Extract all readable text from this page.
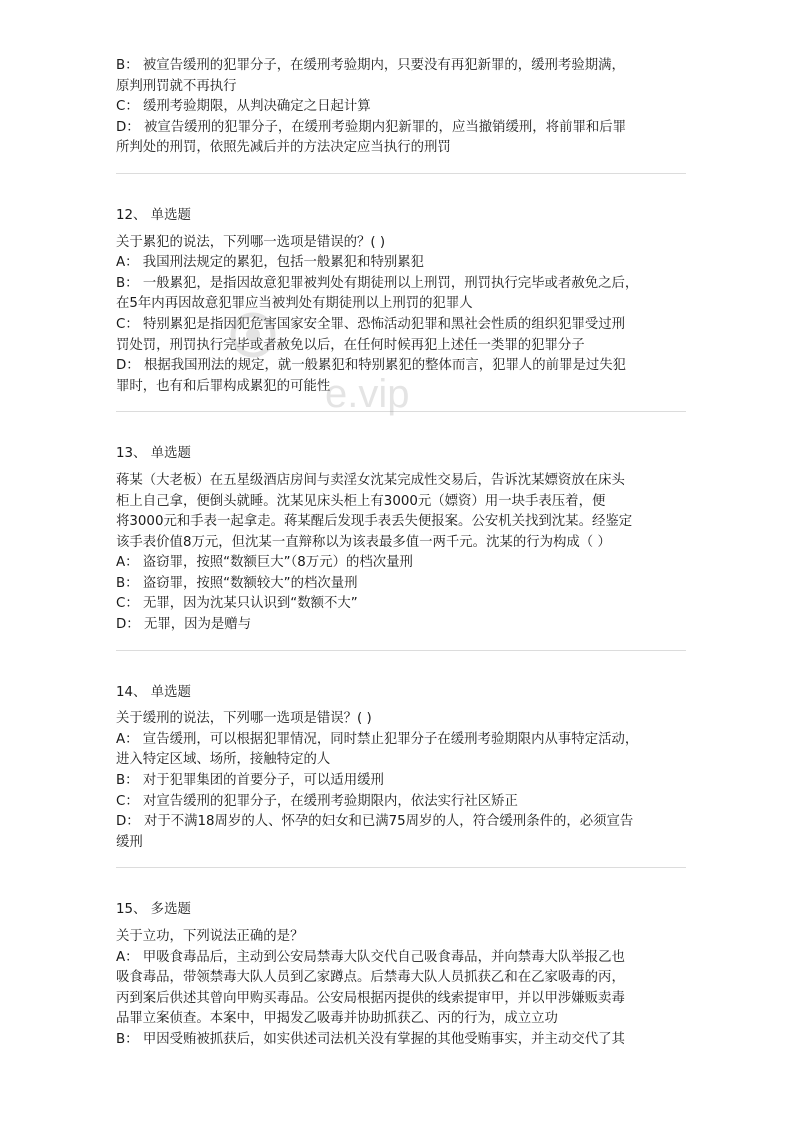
B： 被宣告缓刑的犯罪分子，在缓刑考验期内，只要没有再犯新罪的，缓刑考验期满，
原判刑罚就不再执行
C： 缓刑考验期限，从判决确定之日起计算
D： 被宣告缓刑的犯罪分子，在缓刑考验期内犯新罪的，应当撤销缓刑，将前罪和后罪
所判处的刑罚，依照先减后并的方法决定应当执行的刑罚
12、 单选题
关于累犯的说法，下列哪一选项是错误的？( )
A： 我国刑法规定的累犯，包括一般累犯和特别累犯
B： 一般累犯，是指因故意犯罪被判处有期徒刑以上刑罚，刑罚执行完毕或者赦免之后，
在5年内再因故意犯罪应当被判处有期徒刑以上刑罚的犯罪人
C： 特别累犯是指因犯危害国家安全罪、恐怖活动犯罪和黑社会性质的组织犯罪受过刑
罚处罚，刑罚执行完毕或者赦免以后，在任何时候再犯上述任一类罪的犯罪分子
D： 根据我国刑法的规定，就一般累犯和特别累犯的整体而言，犯罪人的前罪是过失犯
罪时，也有和后罪构成累犯的可能性
13、 单选题
蒋某（大老板）在五星级酒店房间与卖淫女沈某完成性交易后，告诉沈某嫖资放在床头
柜上自己拿，便倒头就睡。沈某见床头柜上有3000元（嫖资）用一块手表压着，便
将3000元和手表一起拿走。蒋某醒后发现手表丢失便报案。公安机关找到沈某。经鉴定
该手表价值8万元，但沈某一直辩称以为该表最多值一两千元。沈某的行为构成（ ）
A： 盗窃罪，按照“数额巨大”（8万元）的档次量刑
B： 盗窃罪，按照“数额较大”的档次量刑
C： 无罪，因为沈某只认识到“数额不大”
D： 无罪，因为是赠与
14、 单选题
关于缓刑的说法，下列哪一选项是错误？( )
A： 宣告缓刑，可以根据犯罪情况，同时禁止犯罪分子在缓刑考验期限内从事特定活动，
进入特定区域、场所，接触特定的人
B： 对于犯罪集团的首要分子，可以适用缓刑
C： 对宣告缓刑的犯罪分子，在缓刑考验期限内，依法实行社区矫正
D： 对于不满18周岁的人、怀孕的妇女和已满75周岁的人，符合缓刑条件的，必须宣告
缓刑
15、 多选题
关于立功，下列说法正确的是？
A： 甲吸食毒品后，主动到公安局禁毒大队交代自己吸食毒品，并向禁毒大队举报乙也
吸食毒品，带领禁毒大队人员到乙家蹲点。后禁毒大队人员抓获乙和在乙家吸毒的丙，
丙到案后供述其曾向甲购买毒品。公安局根据丙提供的线索提审甲，并以甲涉嫌贩卖毒
品罪立案侦查。本案中，甲揭发乙吸毒并协助抓获乙、丙的行为，成立立功
B： 甲因受贿被抓获后，如实供述司法机关没有掌握的其他受贿事实，并主动交代了其
e.vip
